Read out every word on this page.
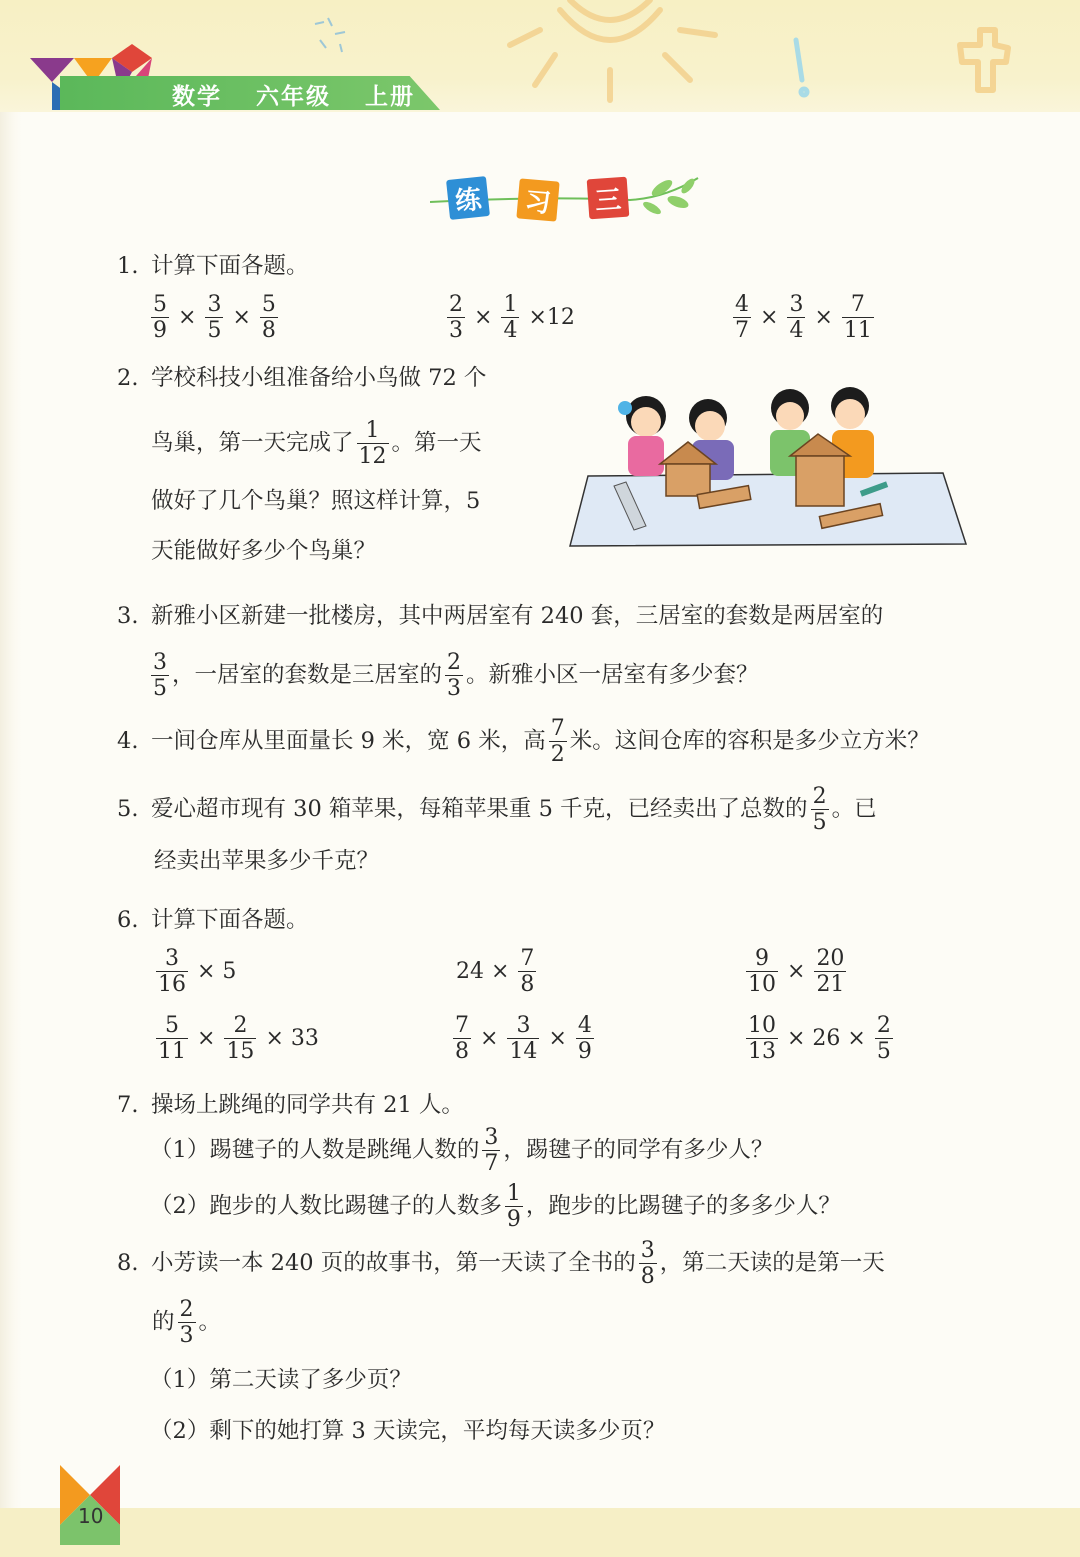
数学 六年级 上册
练 习 三
1. 计算下面各题。
$\frac{5}{9} \times \frac{3}{5} \times \frac{5}{8}$	$\frac{2}{3} \times \frac{1}{4} \times 12$	$\frac{4}{7} \times \frac{3}{4} \times \frac{7}{11}$
2. 学校科技小组准备给小鸟做 72 个
鸟巢，第一天完成了 $\frac{1}{12}$ 。第一天
做好了几个鸟巢？照这样计算，5
天能做好多少个鸟巢？
3. 新雅小区新建一批楼房，其中两居室有 240 套，三居室的套数是两居室的
$\frac{3}{5}$ ，一居室的套数是三居室的 $\frac{2}{3}$ 。新雅小区一居室有多少套？
4. 一间仓库从里面量长 9 米，宽 6 米，高 $\frac{7}{2}$ 米。这间仓库的容积是多少立方米？
5. 爱心超市现有 30 箱苹果，每箱苹果重 5 千克，已经卖出了总数的 $\frac{2}{5}$ 。已
经卖出苹果多少千克？
6. 计算下面各题。
$\frac{3}{16} \times 5$	$24 \times \frac{7}{8}$	$\frac{9}{10} \times \frac{20}{21}$
$\frac{5}{11} \times \frac{2}{15} \times 33$	$\frac{7}{8} \times \frac{3}{14} \times \frac{4}{9}$	$\frac{10}{13} \times 26 \times \frac{2}{5}$
7. 操场上跳绳的同学共有 21 人。
（1）踢毽子的人数是跳绳人数的 $\frac{3}{7}$ ，踢毽子的同学有多少人？
（2）跑步的人数比踢毽子的人数多 $\frac{1}{9}$ ，跑步的比踢毽子的多多少人？
8. 小芳读一本 240 页的故事书，第一天读了全书的 $\frac{3}{8}$ ，第二天读的是第一天
的 $\frac{2}{3}$ 。
（1）第二天读了多少页？
（2）剩下的她打算 3 天读完，平均每天读多少页？
10
